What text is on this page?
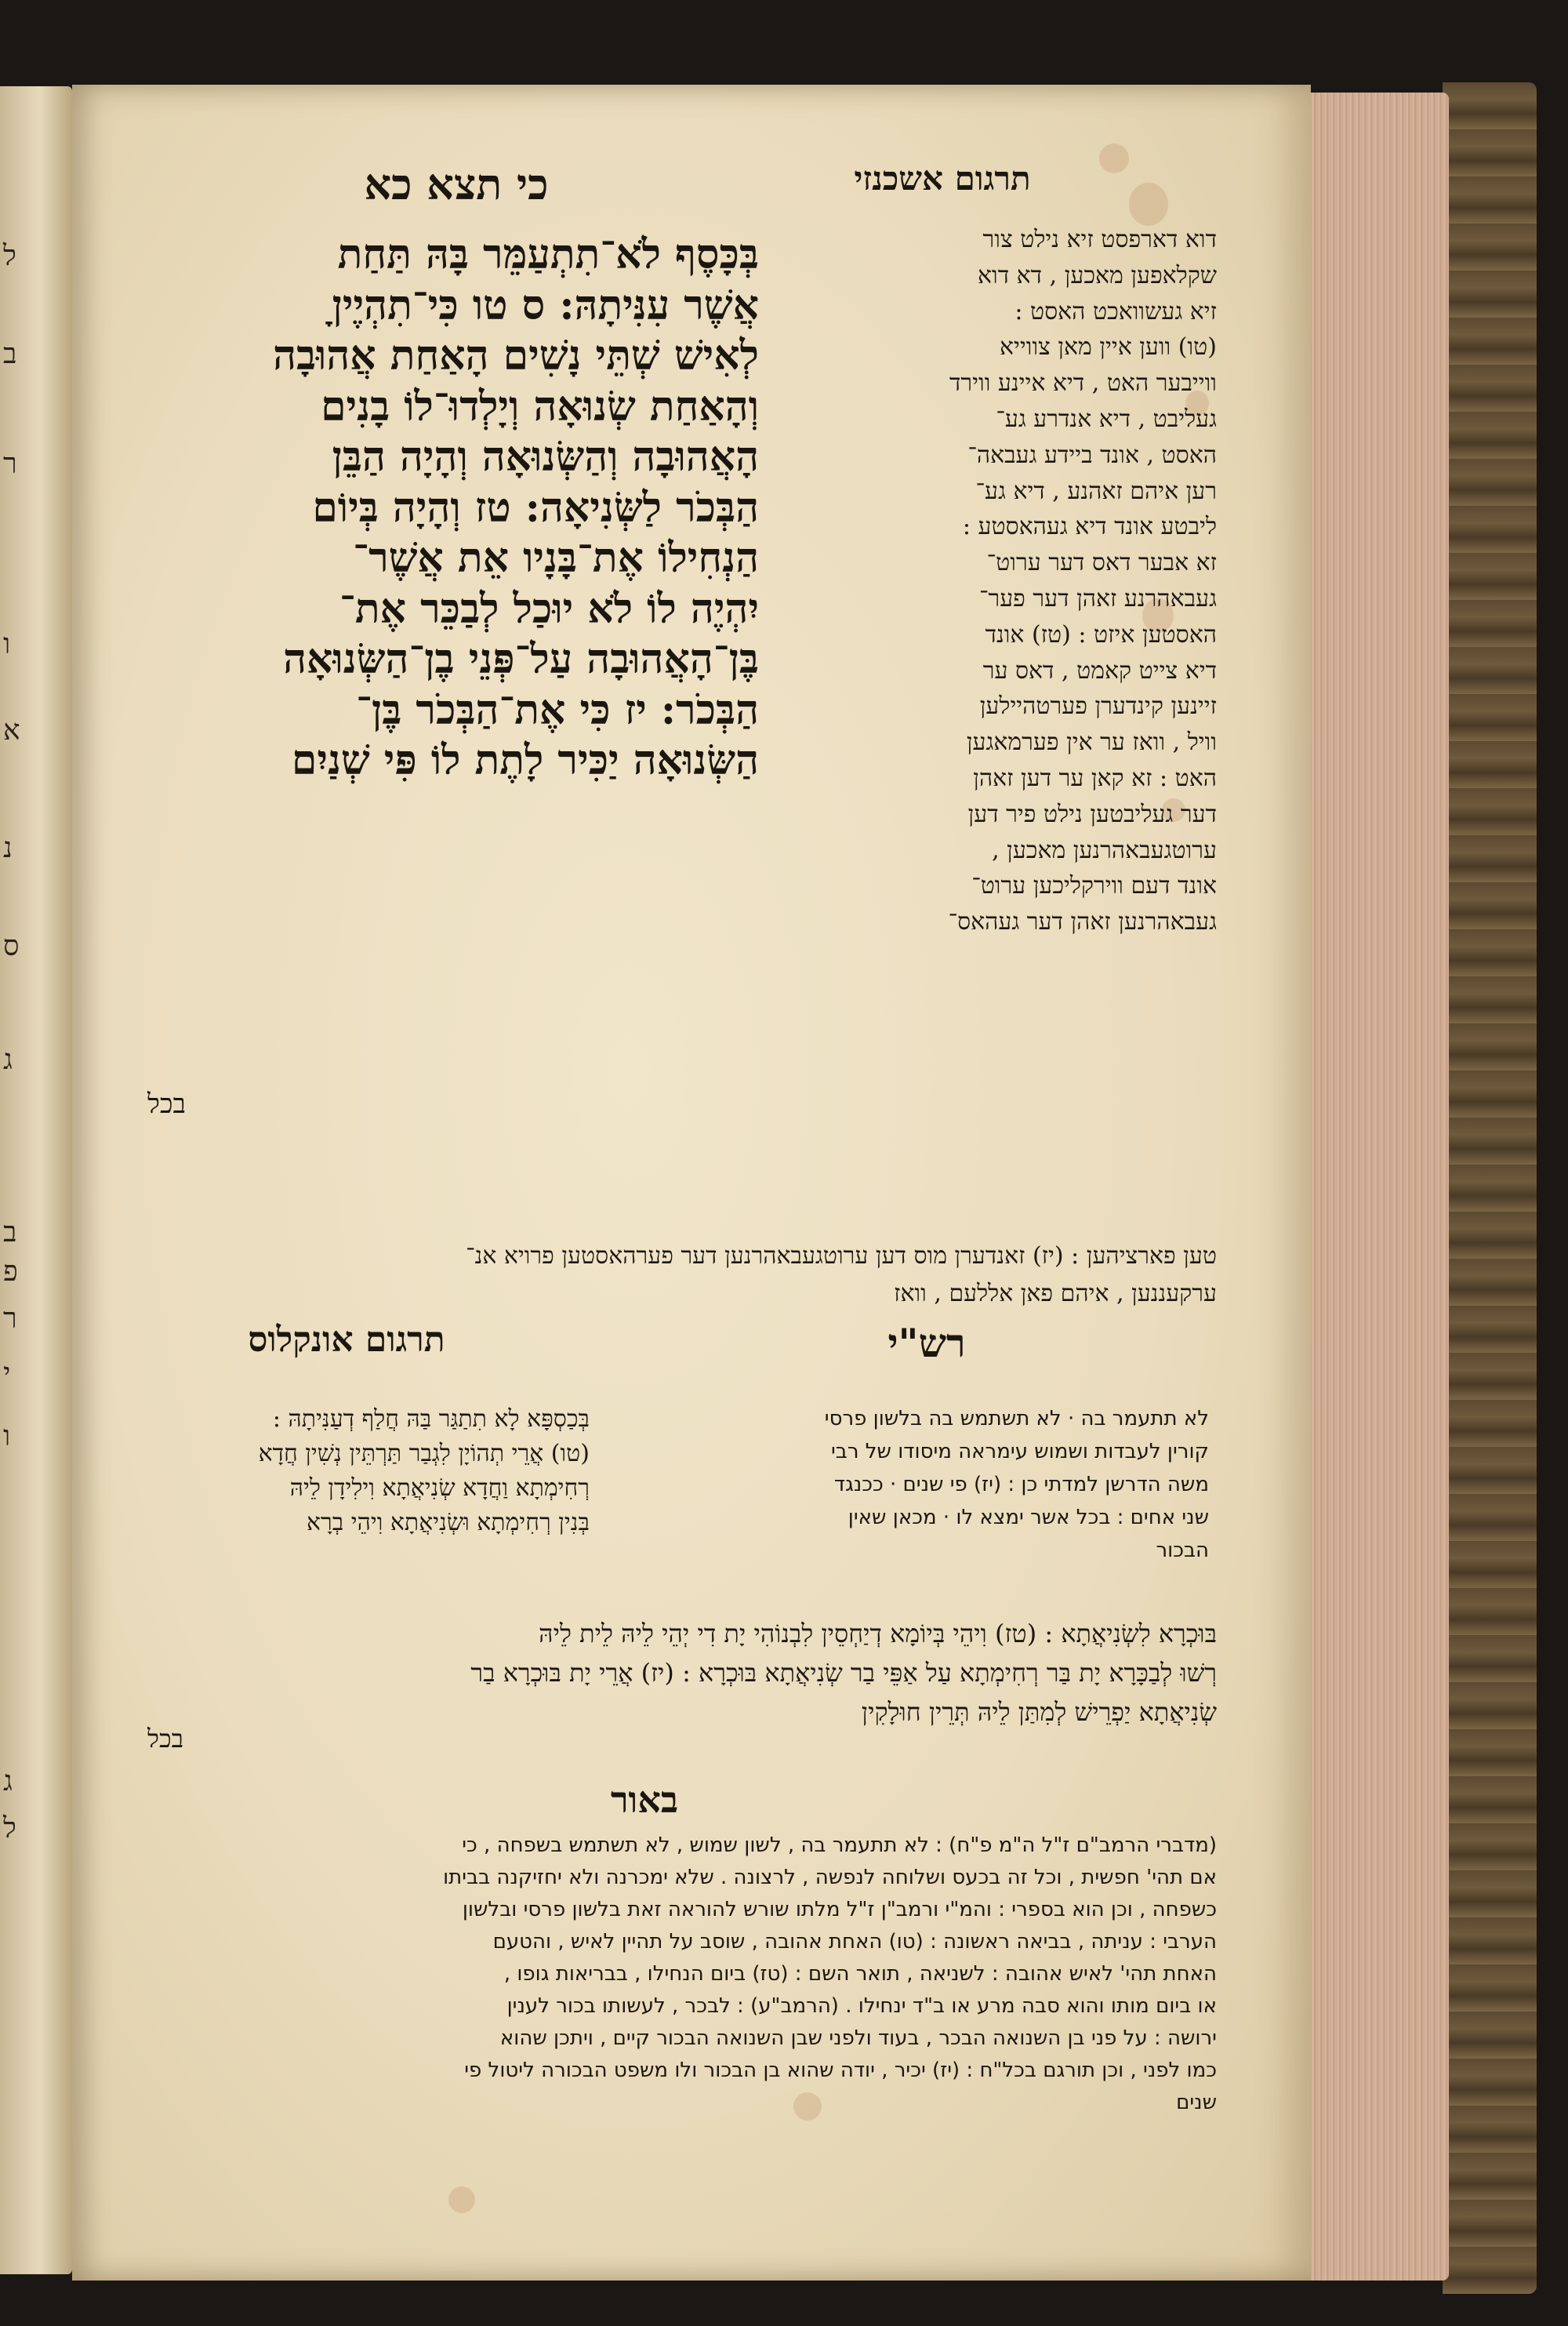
ל
ב
ר
ו
א
נ
ס
ג
ב
פ
ר
י
ו
ג
ל
כי תצא כא	תרגום אשכנזי

בְּכָּסֶף לֹא־תִתְעַמֵּר בָּהּ תַּחַת

אֲשֶׁר עִנִּיתָהּ: ס טו כִּי־תִהְיֶיןָ

לְאִישׁ שְׁתֵּי נָשִׁים הָאַחַת אֲהוּבָה

וְהָאַחַת שְׂנוּאָה וְיָלְדוּ־לוֹ בָנִים

הָאֲהוּבָה וְהַשְּׂנוּאָה וְהָיָה הַבֵּן

הַבְּכֹר לַשְּׂנִיאָה: טז וְהָיָה בְּיוֹם

הַנְחִילוֹ אֶת־בָּנָיו אֵת אֲשֶׁר־

יִהְיֶה לוֹ לֹא יוּכַל לְבַכֵּר אֶת־

בֶּן־הָאֲהוּבָה עַל־פְּנֵי בֶן־הַשְּׂנוּאָה

הַבְּכֹר: יז כִּי אֶת־הַבְּכֹר בֶּן־

הַשְּׂנוּאָה יַכִּיר לָתֶת לוֹ פִּי שְׁנַיִם

בכל

דוא דארפסט זיא נילט צור

שקלאפען מאכען , דא דוא

זיא געשוואכט האסט :

(טו) ווען איין מאן צווייא

ווייבער האט , דיא איינע ווירד

געליבט , דיא אנדרע גע־

האסט , אונד ביידע געבאה־

רען איהם זאהנע , דיא גע־

ליבטע אונד דיא געהאסטע :

זא אבער דאס דער ערוט־

געבאהרנע זאהן דער פער־

האסטען איזט : (טז) אונד

דיא צייט קאמט , דאס ער

זיינען קינדערן פערטהיילען

וויל , וואז ער אין פערמאגען

האט : זא קאן ער דען זאהן

דער געליבטען נילט פיר דען

ערוטגעבאהרנען מאכען ,

אונד דעם ווירקליכען ערוט־

געבאהרנען זאהן דער געהאס־

טען פארציהען : (יז) זאנדערן מוס דען ערוטגעבאהרנען דער פערהאסטען פרויא אנ־

ערקעננען , איהם פאן אללעם , וואז

רש"י
תרגום אונקלוס

לא תתעמר בה · לא תשתמש בה בלשון פרסי

קורין לעבדות ושמוש עימראה מיסודו של רבי

משה הדרשן למדתי כן : (יז) פי שנים · ככנגד

שני אחים : בכל אשר ימצא לו · מכאן שאין

הבכור

בְּכַסְפָּא לָא תִתַגַּר בַּהּ חֲלַף דְעַנִּיתָהּ :

(טו) אֲרֵי תְהוֹיָן לִגְבַר תַּרְתֵּין נְשִׁין חֲדָא

רְחִימְתָא וַחֲדָא שְׂנִיאֲתָא וִילִידָן לֵיהּ

בְּנִין רְחִימְתָא וּשְׂנִיאֲתָא וִיהֵי בְרָא

בּוּכְרָא לִשְׂנִיאֲתָא : (טז) וִיהֵי בְּיוֹמָא דְיַחְסֵין לִבְנוֹהִי יָת דִי יְהֵי לֵיהּ לֵית לֵיהּ

רְשׁוּ לְבַכָּרָא יָת בַּר רְחִימְתָא עַל אַפֵּי בַר שְׂנִיאֲתָא בּוּכְרָא : (יז) אֲרֵי יָת בּוּכְרָא בַר

שְׂנִיאֲתָא יַפְרֵישׁ לְמִתַּן לֵיהּ תְּרֵין חוּלָקִין

בכל
באור

(מדברי הרמב"ם ז"ל ה"מ פ"ח) : לא תתעמר בה , לשון שמוש , לא תשתמש בשפחה , כי

אם תהי' חפשית , וכל זה בכעס ושלוחה לנפשה , לרצונה . שלא ימכרנה ולא יחזיקנה בביתו

כשפחה , וכן הוא בספרי : והמ"י ורמב"ן ז"ל מלתו שורש להוראה זאת בלשון פרסי ובלשון

הערבי : עניתה , בביאה ראשונה : (טו) האחת אהובה , שוסב על תהיין לאיש , והטעם

האחת תהי' לאיש אהובה : לשניאה , תואר השם : (טז) ביום הנחילו , בבריאות גופו ,

או ביום מותו והוא סבה מרע או ב"ד ינחילו . (הרמב"ע) : לבכר , לעשותו בכור לענין

ירושה : על פני בן השנואה הבכר , בעוד ולפני שבן השנואה הבכור קיים , ויתכן שהוא

כמו לפני , וכן תורגם בכל"ח : (יז) יכיר , יודה שהוא בן הבכור ולו משפט הבכורה ליטול פי

שנים
